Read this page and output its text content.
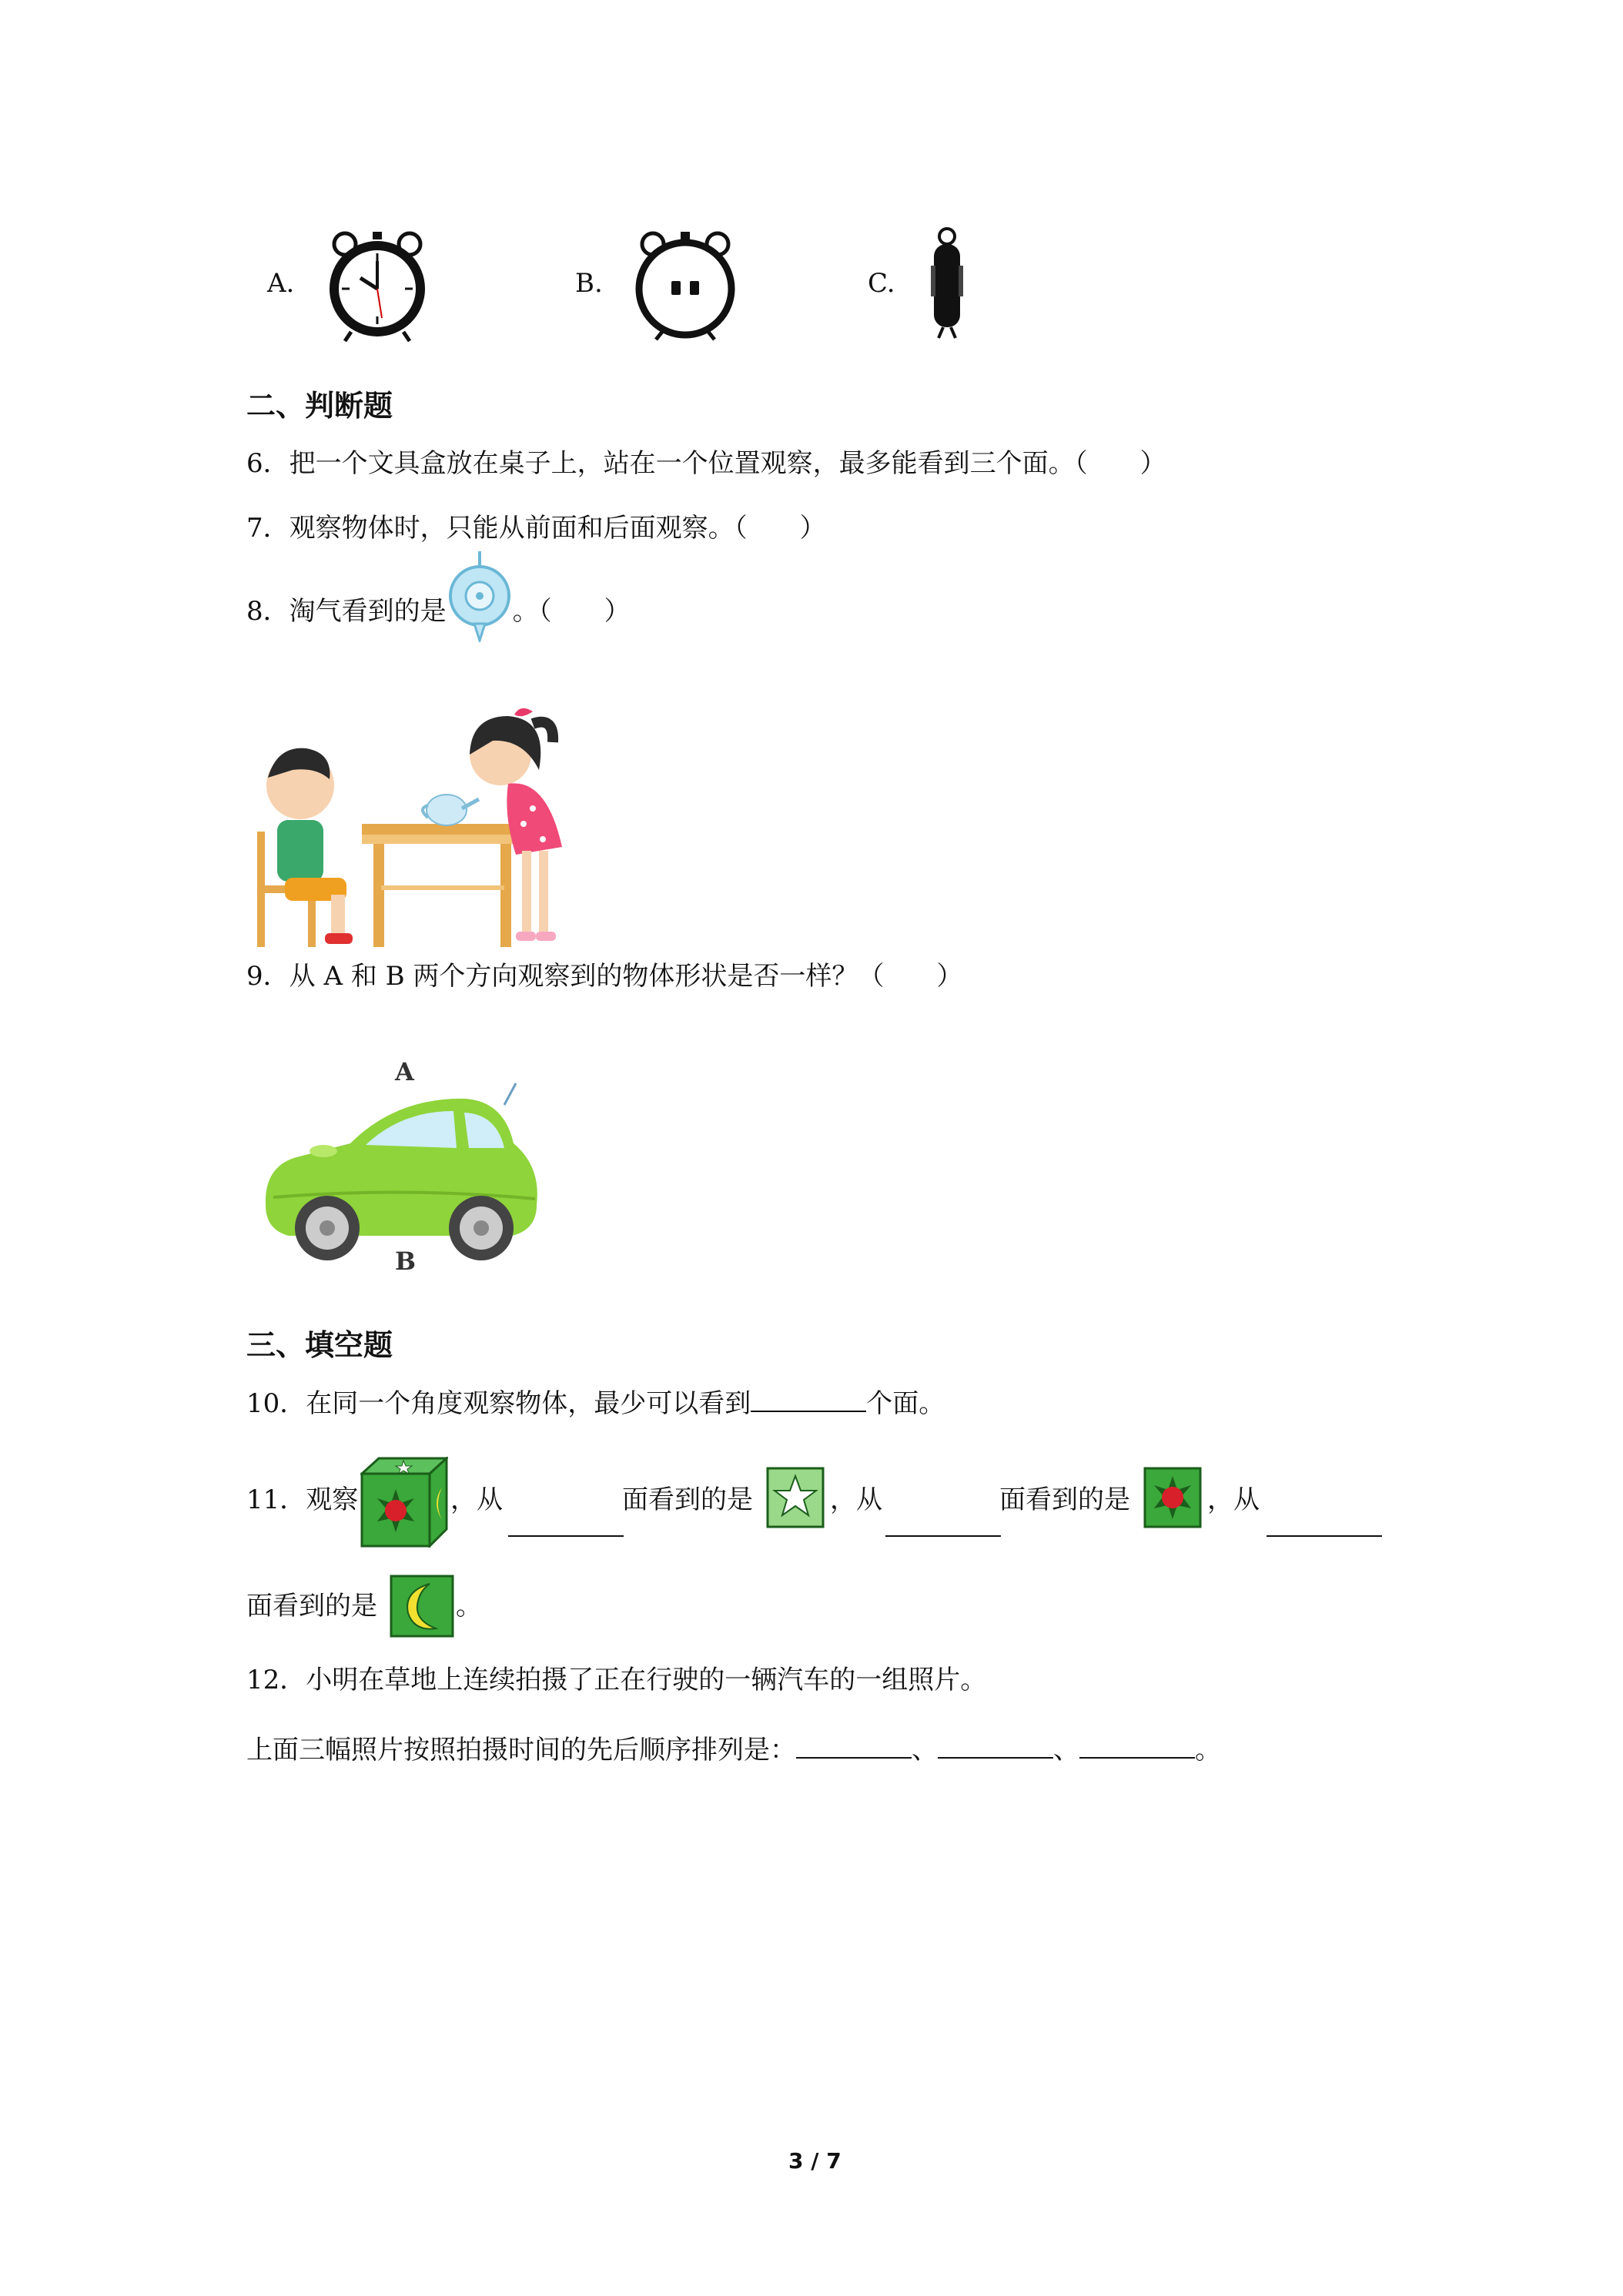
A.	B.	C.
二、判断题
6．把一个文具盒放在桌子上，站在一个位置观察，最多能看到三个面。（　　）
7．观察物体时，只能从前面和后面观察。（　　）
8．淘气看到的是	。（　　）
9．从 A 和 B 两个方向观察到的物体形状是否一样？（　　）
A
B
三、填空题
10．在同一个角度观察物体，最少可以看到	个面。
11．观察	，从	面看到的是	，从	面看到的是	，从
面看到的是	。
12．小明在草地上连续拍摄了正在行驶的一辆汽车的一组照片。
上面三幅照片按照拍摄时间的先后顺序排列是：	、	、	。
3 / 7
